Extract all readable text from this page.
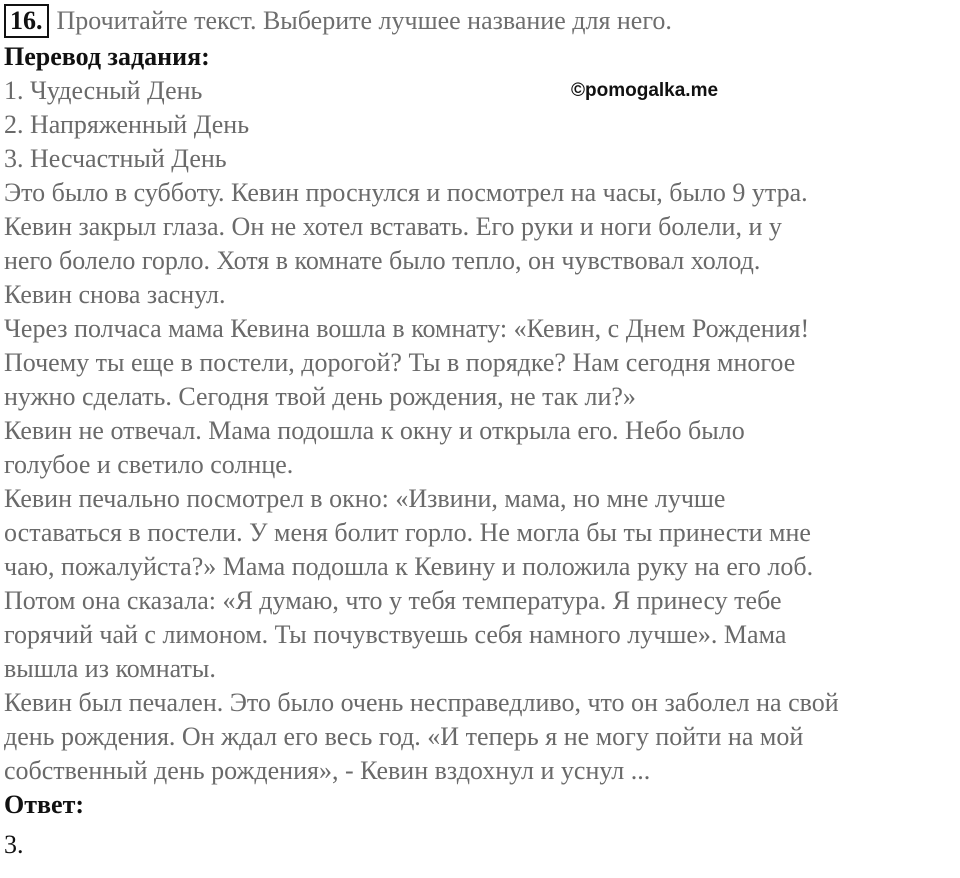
16. Прочитайте текст. Выберите лучшее название для него.
Перевод задания:
1. Чудесный День
2. Напряженный День
3. Несчастный День
Это было в субботу. Кевин проснулся и посмотрел на часы, было 9 утра.
Кевин закрыл глаза. Он не хотел вставать. Его руки и ноги болели, и у
него болело горло. Хотя в комнате было тепло, он чувствовал холод.
Кевин снова заснул.
Через полчаса мама Кевина вошла в комнату: «Кевин, с Днем Рождения!
Почему ты еще в постели, дорогой? Ты в порядке? Нам сегодня многое
нужно сделать. Сегодня твой день рождения, не так ли?»
Кевин не отвечал. Мама подошла к окну и открыла его. Небо было
голубое и светило солнце.
Кевин печально посмотрел в окно: «Извини, мама, но мне лучше
оставаться в постели. У меня болит горло. Не могла бы ты принести мне
чаю, пожалуйста?» Мама подошла к Кевину и положила руку на его лоб.
Потом она сказала: «Я думаю, что у тебя температура. Я принесу тебе
горячий чай с лимоном. Ты почувствуешь себя намного лучше». Мама
вышла из комнаты.
Кевин был печален. Это было очень несправедливо, что он заболел на свой
день рождения. Он ждал его весь год. «И теперь я не могу пойти на мой
собственный день рождения», - Кевин вздохнул и уснул ...
Ответ:
3.
©pomogalka.me
